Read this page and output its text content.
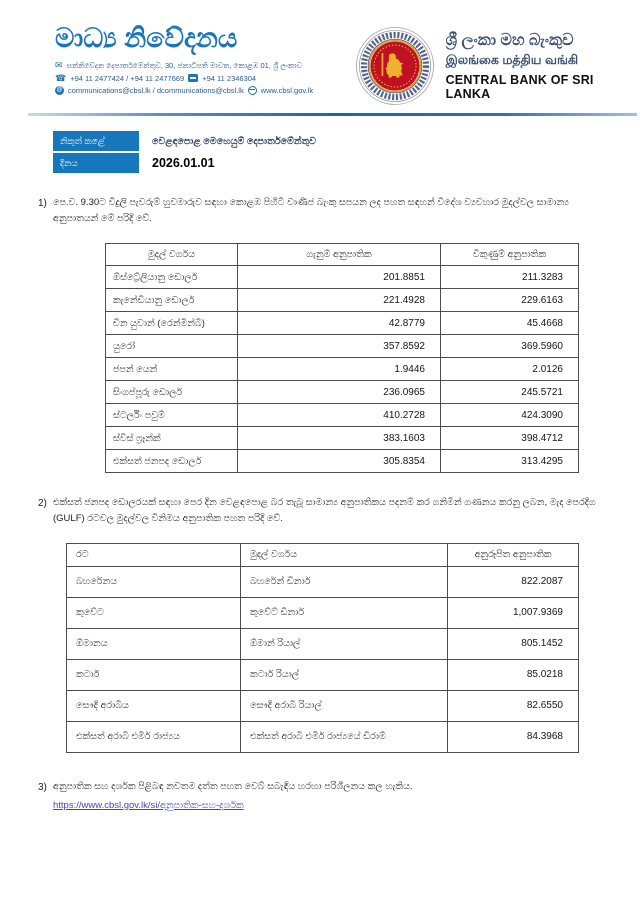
මාධ්‍ය නිවේදනය
✉ සන්නිවේදන දෙපාර්තමේන්තුව, 30, ජනාධිපති මාවත, කොළඹ 01, ශ්‍රී ලංකාව
☎ +94 11 2477424 / +94 11 2477669 +94 11 2346304
@ communications@cbsl.lk / dcommunications@cbsl.lk www.cbsl.gov.lk
ශ්‍රී ලංකා මහ බැංකුව
இலங்கை மத்திய வங்கி
CENTRAL BANK OF SRI LANKA
නිකුත් කළේ	වෙළඳපොළ මෙහෙයුම් දෙපාර්තමේන්තුව
දිනය	2026.01.01
1) පෙ.ව. 9.30ට විදුලි පැවරුම් හුවමාරුව සඳහා කොළඹ පිහිටි වාණිජ බැංකු සපයන ලද පහත සඳහන් විදේශ ව්‍යවහාර මුදල්වල සාමාන්‍ය අනුපාතයන් මේ පරිදි වේ.
මුදල් වර්ගය	ගැනුම් අනුපාතික	විකුණුම් අනුපාතික
ඕස්ට්‍රේලියානු ඩොලර්	201.8851	211.3283
කැනේඩියානු ඩොලර්	221.4928	229.6163
චීන යුවාන් (රෙන්මින්බි)	42.8779	45.4668
යුරෝ	357.8592	369.5960
ජපන් යෙන්	1.9446	2.0126
සිංගප්පූරු ඩොලර්	236.0965	245.5721
ස්ටර්ලිං පවුම්	410.2728	424.3090
ස්විස් ෆ්‍රෑන්ක්	383.1603	398.4712
එක්සත් ජනපද ඩොලර්	305.8354	313.4295
2) එක්සත් ජනපද ඩොලරයක් සඳහා පෙර දින වෙළඳපොළ බර තැබූ සාමාන්‍ය අනුපාතිකය පදනම් කර ගනිමින් ගණනය කරනු ලබන, මැද පෙරදිග (GULF) රටවල මුදල්වල විනිමය අනුපාතික පහත පරිදි වේ.
රට	මුදල් වර්ගය	අනුරූපිත අනුපාතික
බහරේනය	බහරේන් ඩිනාර්	822.2087
කුවේට	කුවේට් ඩිනාර්	1,007.9369
ඕමානය	ඕමාන් රියාල්	805.1452
කටාර්	කටාර් රියාල්	85.0218
සෞදි අරාබිය	සෞදි අරාබි රියාල්	82.6550
එක්සත් අරාබි එමීර් රාජ්‍යය	එක්සත් අරාබි එමීර් රාජ්‍යයේ ඩිරාම්	84.3968
3) අනුපාතික සහ දර්ශක පිළිබඳ නවතම දත්ත පහත වෙබ් සබැඳිය හරහා පරිශීලනය කල හැකිය.
https://www.cbsl.gov.lk/si/අනුපාතික-සහ-දර්ශක
